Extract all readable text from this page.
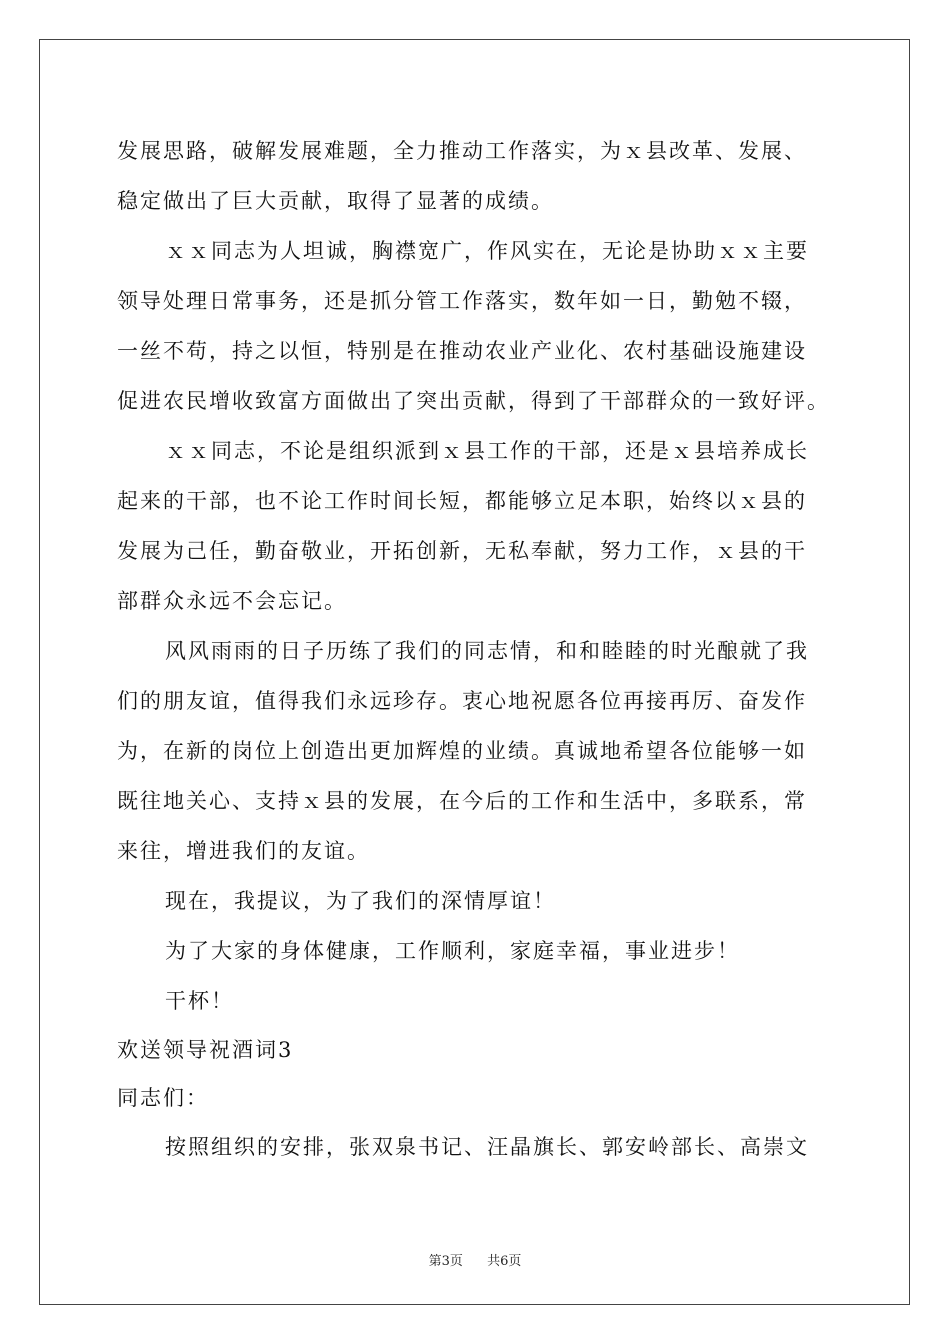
发展思路，破解发展难题，全力推动工作落实，为ｘ县改革、发展、
稳定做出了巨大贡献，取得了显著的成绩。
ｘｘ同志为人坦诚，胸襟宽广，作风实在，无论是协助ｘｘ主要
领导处理日常事务，还是抓分管工作落实，数年如一日，勤勉不辍，
一丝不苟，持之以恒，特别是在推动农业产业化、农村基础设施建设
促进农民增收致富方面做出了突出贡献，得到了干部群众的一致好评。
ｘｘ同志，不论是组织派到ｘ县工作的干部，还是ｘ县培养成长
起来的干部，也不论工作时间长短，都能够立足本职，始终以ｘ县的
发展为己任，勤奋敬业，开拓创新，无私奉献，努力工作，ｘ县的干
部群众永远不会忘记。
风风雨雨的日子历练了我们的同志情，和和睦睦的时光酿就了我
们的朋友谊，值得我们永远珍存。衷心地祝愿各位再接再厉、奋发作
为，在新的岗位上创造出更加辉煌的业绩。真诚地希望各位能够一如
既往地关心、支持ｘ县的发展，在今后的工作和生活中，多联系，常
来往，增进我们的友谊。
现在，我提议，为了我们的深情厚谊！
为了大家的身体健康，工作顺利，家庭幸福，事业进步！
干杯！
欢送领导祝酒词3
同志们：
按照组织的安排，张双泉书记、汪晶旗长、郭安岭部长、高崇文
第3页 共6页
